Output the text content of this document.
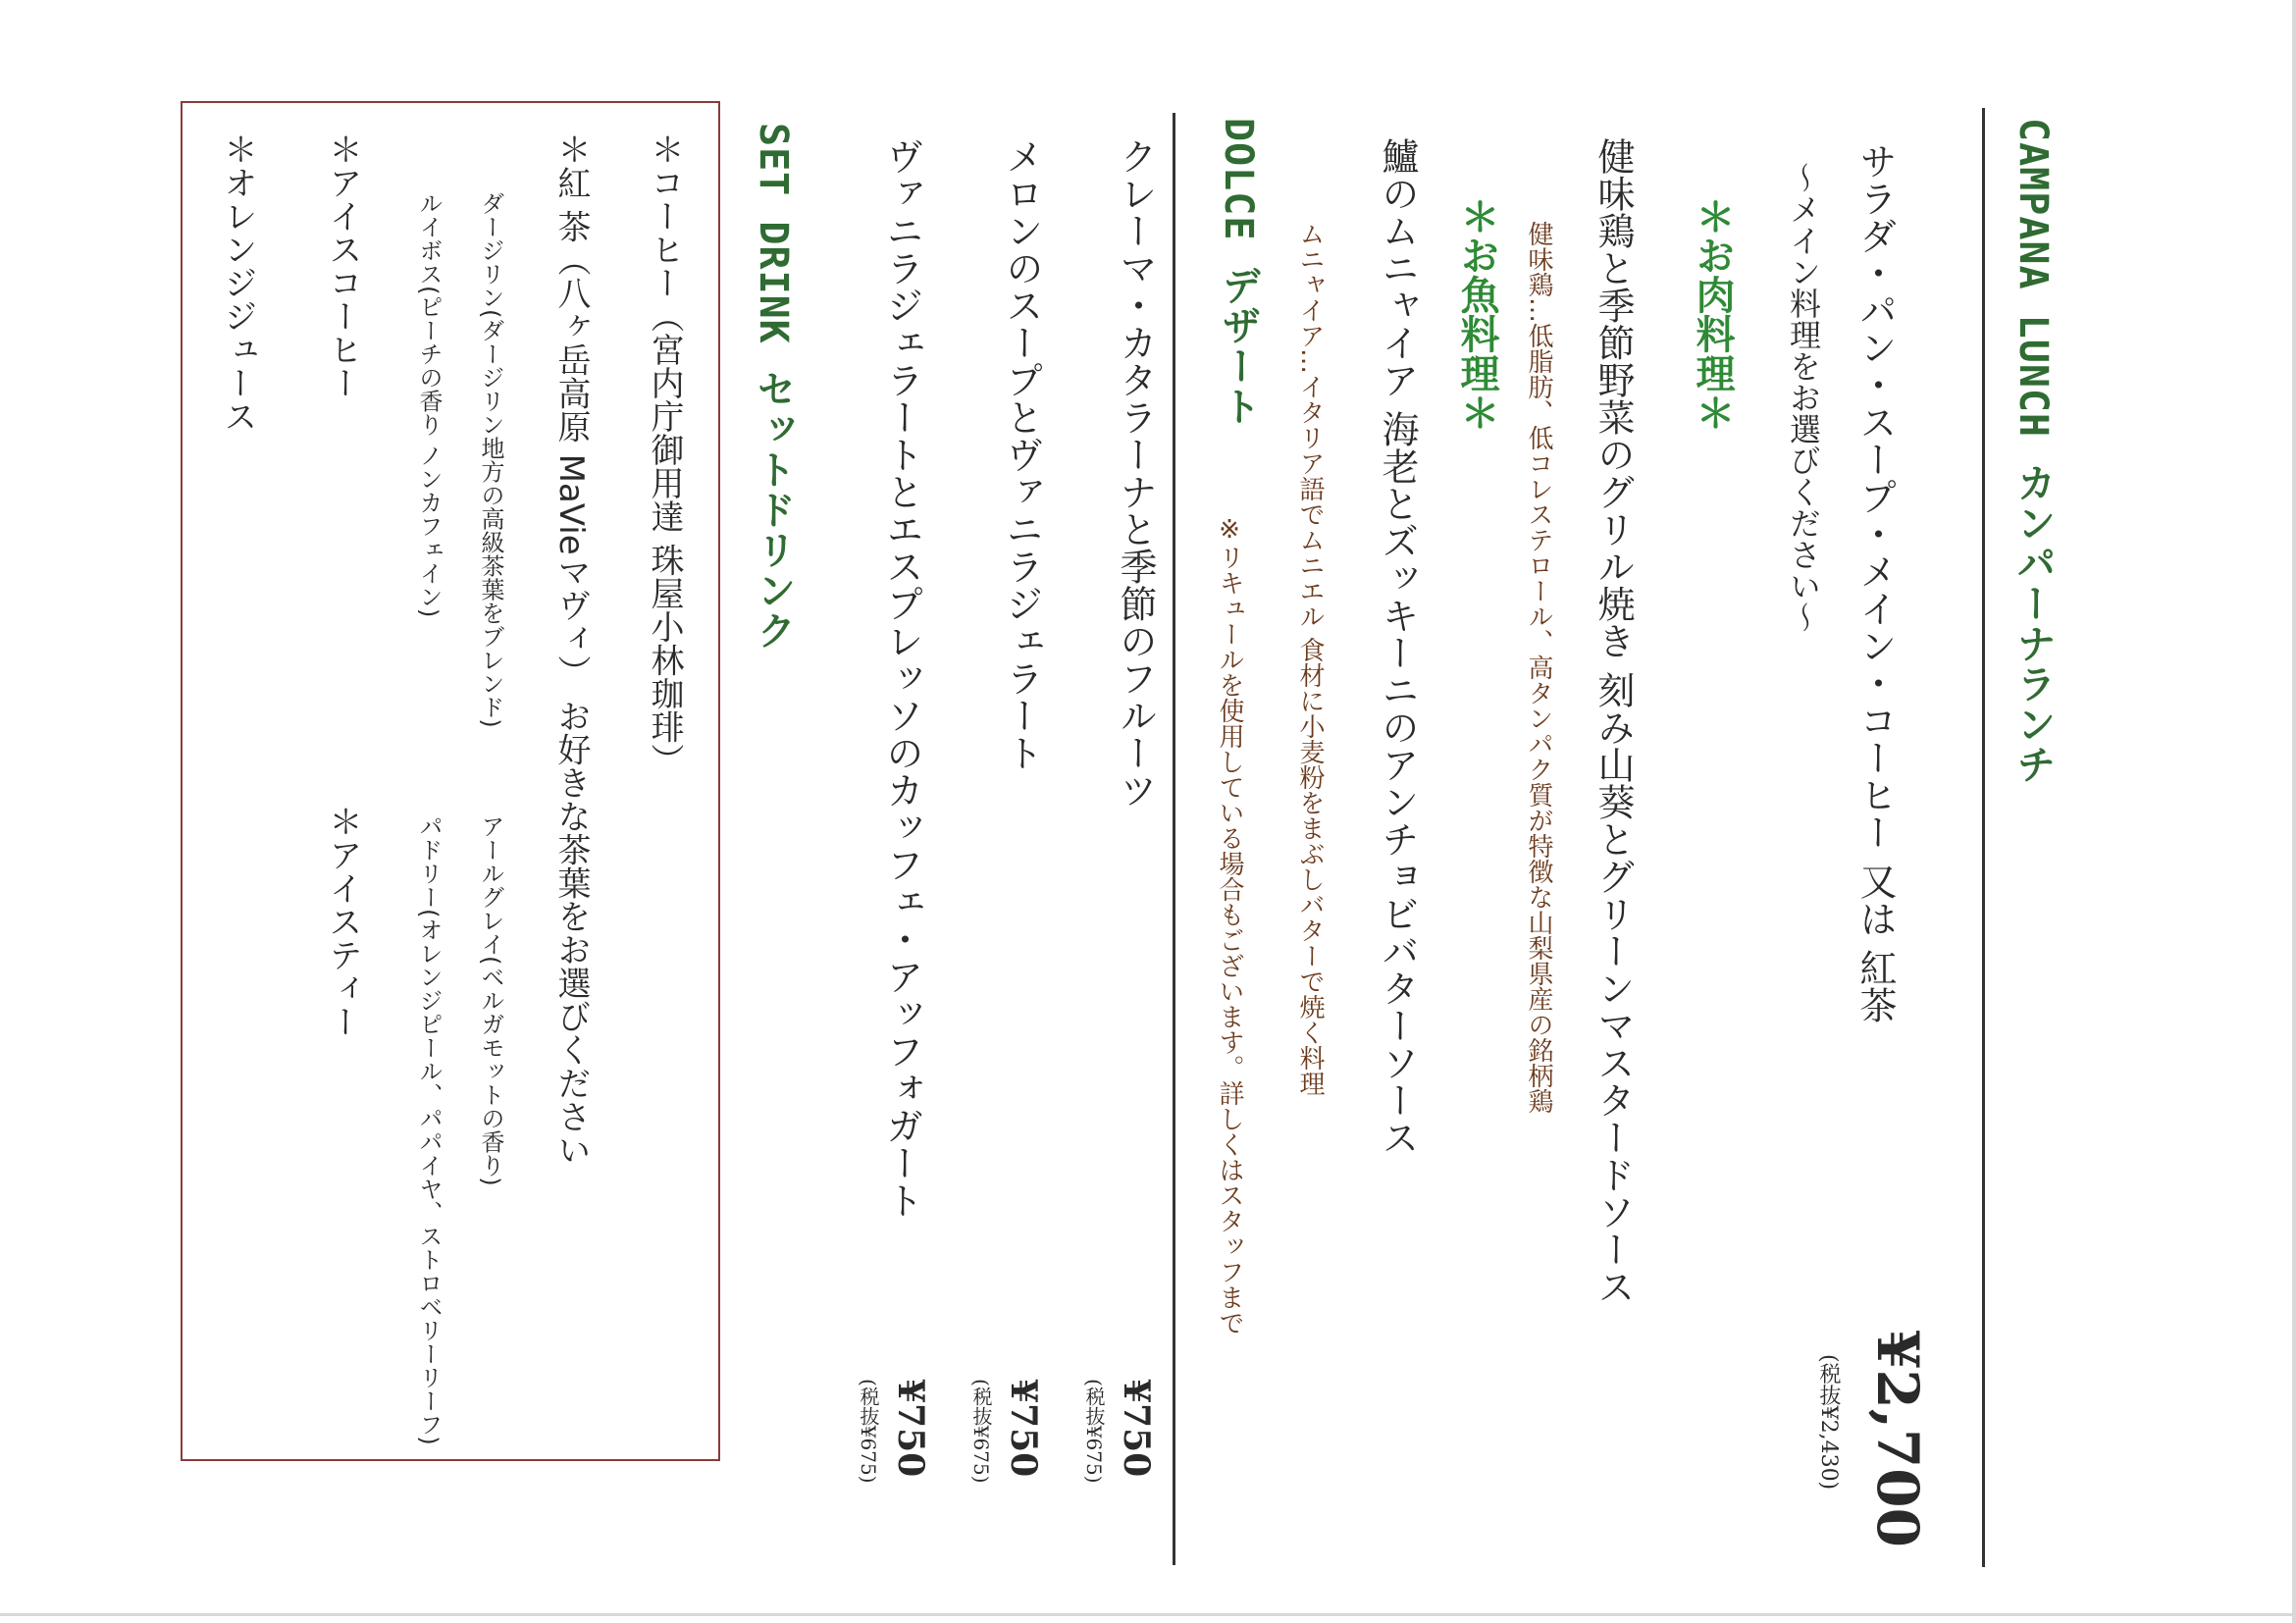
CAMPANA LUNCH カンパーナランチ
サラダ・パン・スープ・メイン・コーヒー 又は 紅茶
～メイン料理をお選びください～
＊お肉料理＊
健味鶏と季節野菜のグリル焼き 刻み山葵とグリーンマスタードソース
健味鶏…低脂肪、低コレステロール、高タンパク質が特徴な山梨県産の銘柄鶏
＊お魚料理＊
鱸のムニャイア 海老とズッキーニのアンチョビバターソース
ムニャイア…イタリア語でムニエル 食材に小麦粉をまぶしバターで焼く料理
¥2,700
(税抜¥2,430)
DOLCE デザート
※リキュールを使用している場合もございます。詳しくはスタッフまで
クレーマ・カタラーナと季節のフルーツ
メロンのスープとヴァニラジェラート
ヴァニラジェラートとエスプレッソのカッフェ・アッフォガート
¥750
(税抜¥675)
¥750
(税抜¥675)
¥750
(税抜¥675)
SET DRINK セットドリンク
＊コーヒー（宮内庁御用達 珠屋小林珈琲）
＊紅 茶（八ヶ岳高原 MaVieマヴィ） お好きな茶葉をお選びください
ダージリン(ダージリン地方の高級茶葉をブレンド)
アールグレイ(ベルガモットの香り)
ルイボス(ピーチの香り ノンカフェイン)
パドリー(オレンジピール、パパイヤ、ストロベリーリーフ)
＊アイスコーヒー
＊アイスティー
＊オレンジジュース
